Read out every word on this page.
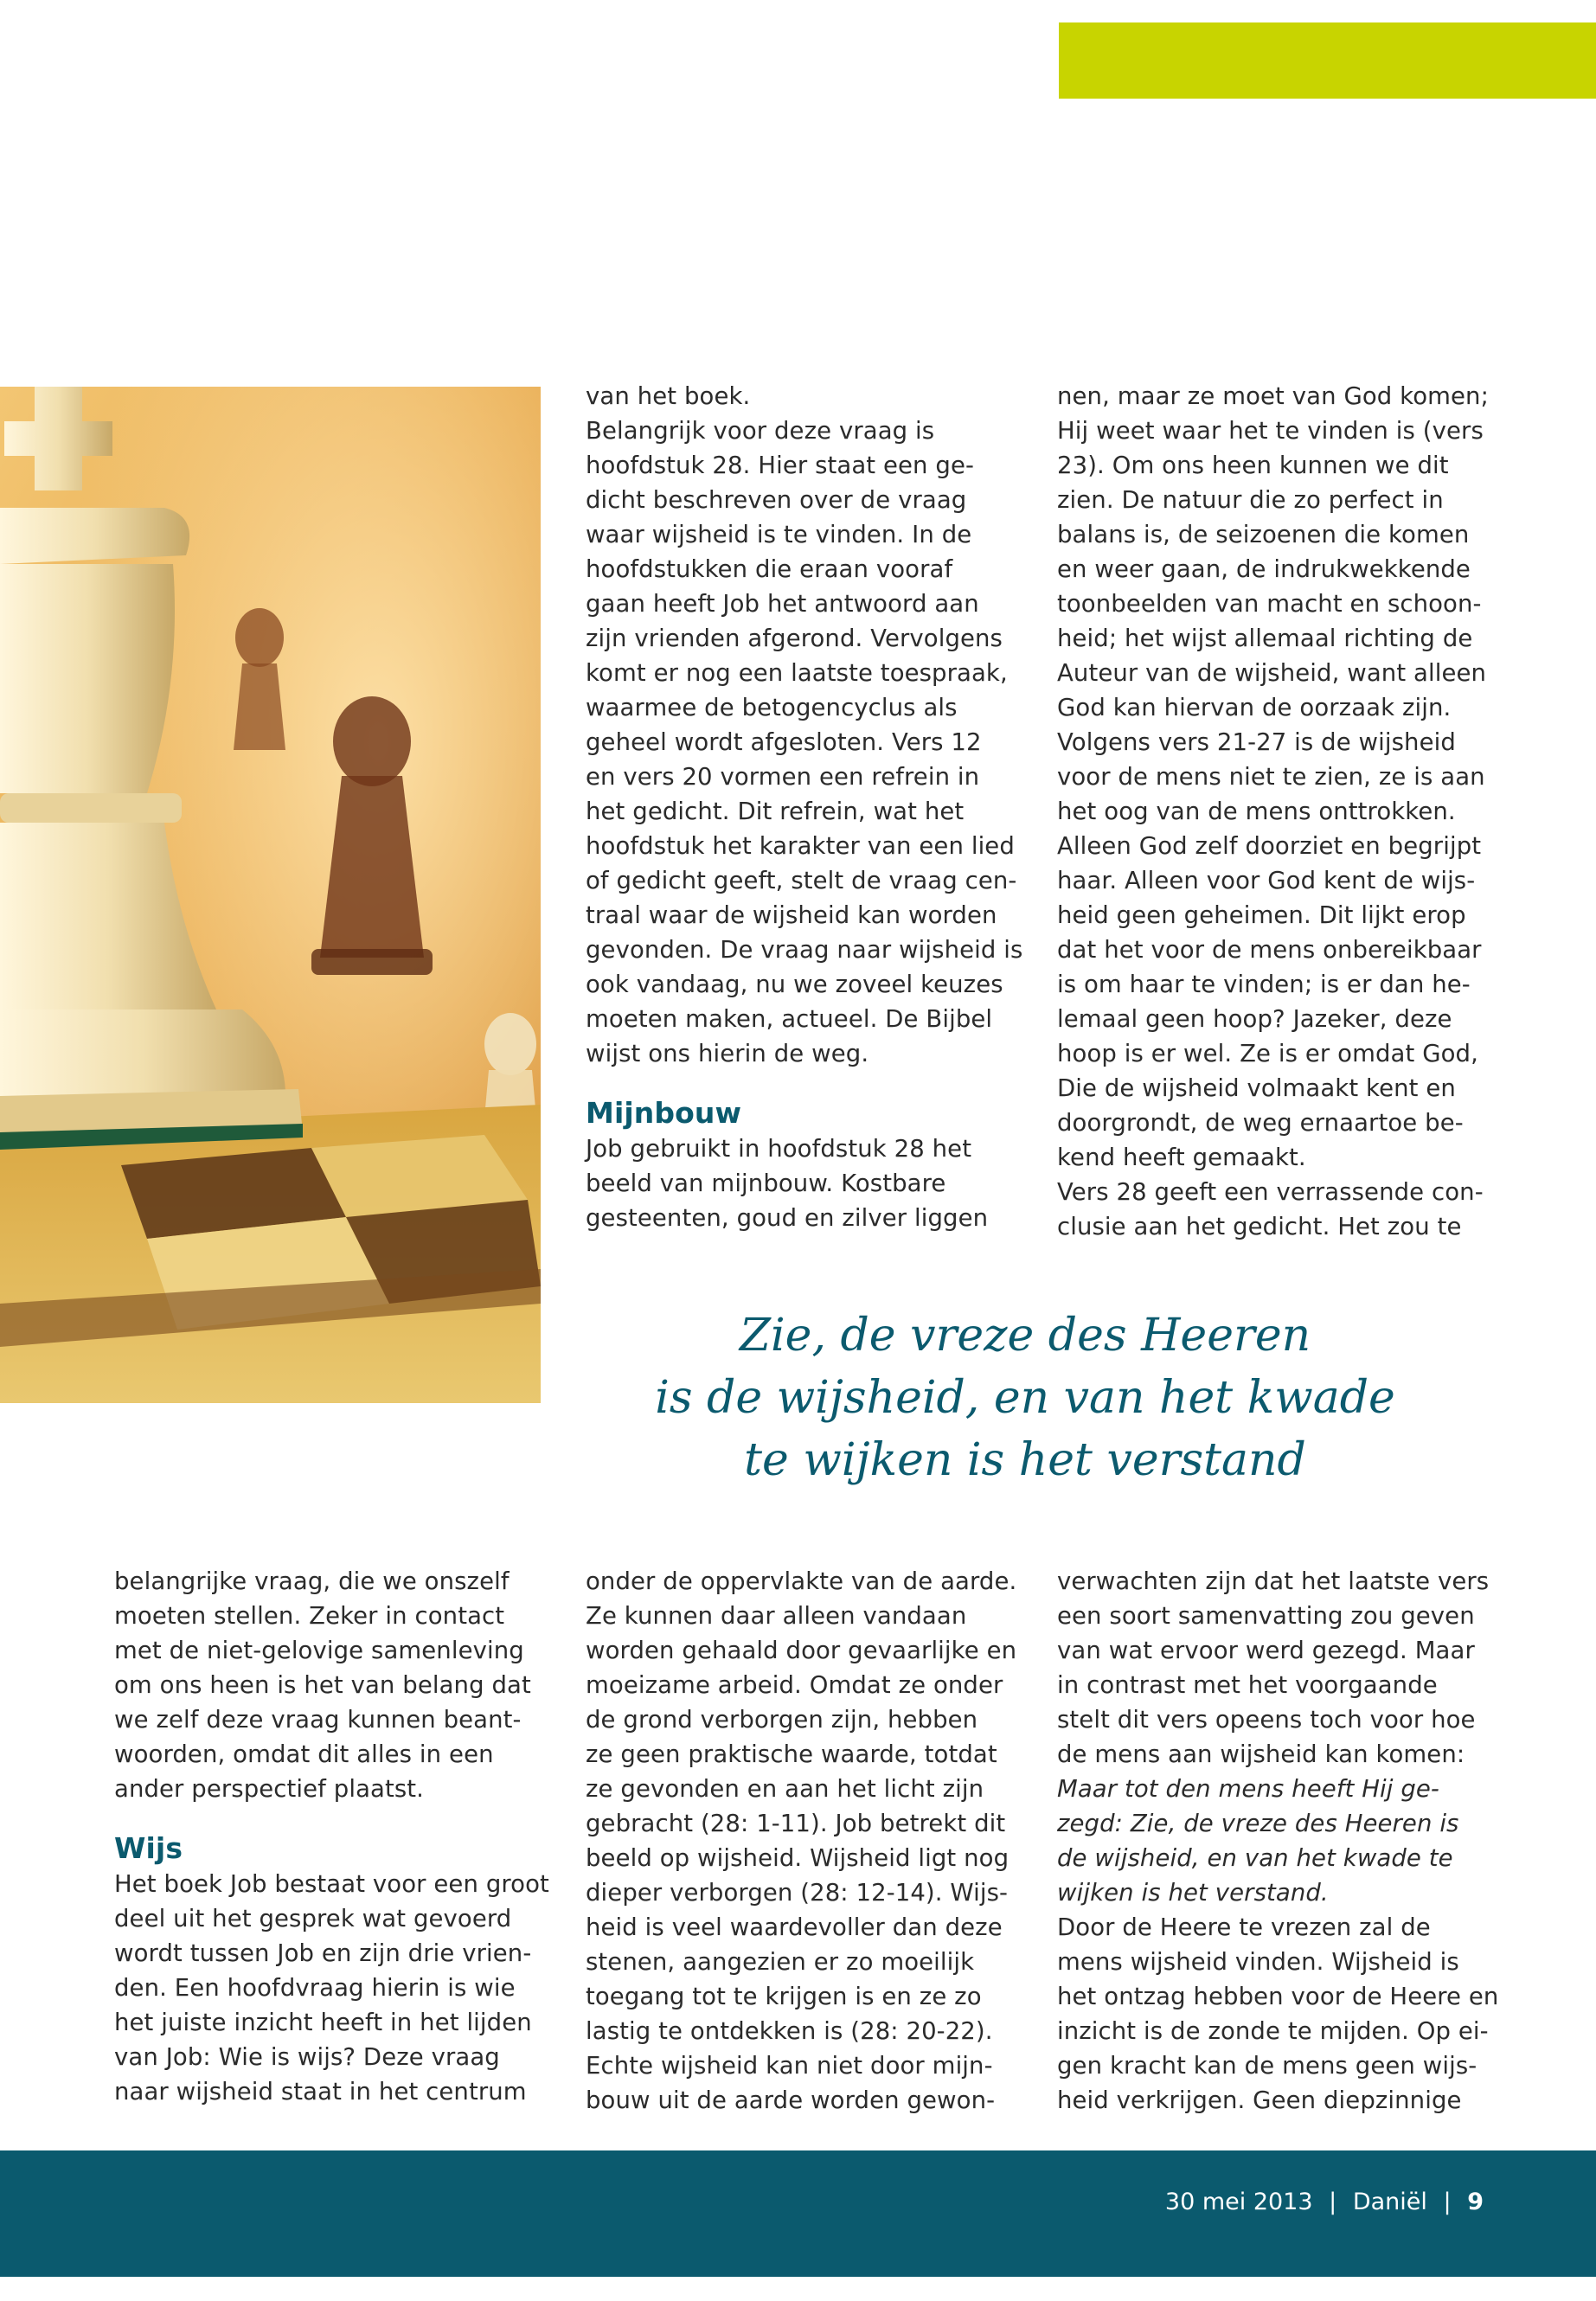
van het boek.
Belangrijk voor deze vraag is
hoofdstuk 28. Hier staat een ge-
dicht beschreven over de vraag
waar wijsheid is te vinden. In de
hoofdstukken die eraan vooraf
gaan heeft Job het antwoord aan
zijn vrienden afgerond. Vervolgens
komt er nog een laatste toespraak,
waarmee de betogencyclus als
geheel wordt afgesloten. Vers 12
en vers 20 vormen een refrein in
het gedicht. Dit refrein, wat het
hoofdstuk het karakter van een lied
of gedicht geeft, stelt de vraag cen-
traal waar de wijsheid kan worden
gevonden. De vraag naar wijsheid is
ook vandaag, nu we zoveel keuzes
moeten maken, actueel. De Bijbel
wijst ons hierin de weg.
Mijnbouw
Job gebruikt in hoofdstuk 28 het
beeld van mijnbouw. Kostbare
gesteenten, goud en zilver liggen
nen, maar ze moet van God komen;
Hij weet waar het te vinden is (vers
23). Om ons heen kunnen we dit
zien. De natuur die zo perfect in
balans is, de seizoenen die komen
en weer gaan, de indrukwekkende
toonbeelden van macht en schoon-
heid; het wijst allemaal richting de
Auteur van de wijsheid, want alleen
God kan hiervan de oorzaak zijn.
Volgens vers 21-27 is de wijsheid
voor de mens niet te zien, ze is aan
het oog van de mens onttrokken.
Alleen God zelf doorziet en begrijpt
haar. Alleen voor God kent de wijs-
heid geen geheimen. Dit lijkt erop
dat het voor de mens onbereikbaar
is om haar te vinden; is er dan he-
lemaal geen hoop? Jazeker, deze
hoop is er wel. Ze is er omdat God,
Die de wijsheid volmaakt kent en
doorgrondt, de weg ernaartoe be-
kend heeft gemaakt.
Vers 28 geeft een verrassende con-
clusie aan het gedicht. Het zou te
Zie, de vreze des Heeren
is de wijsheid, en van het kwade
te wijken is het verstand
belangrijke vraag, die we onszelf
moeten stellen. Zeker in contact
met de niet-gelovige samenleving
om ons heen is het van belang dat
we zelf deze vraag kunnen beant-
woorden, omdat dit alles in een
ander perspectief plaatst.
Wijs
Het boek Job bestaat voor een groot
deel uit het gesprek wat gevoerd
wordt tussen Job en zijn drie vrien-
den. Een hoofdvraag hierin is wie
het juiste inzicht heeft in het lijden
van Job: Wie is wijs? Deze vraag
naar wijsheid staat in het centrum
onder de oppervlakte van de aarde.
Ze kunnen daar alleen vandaan
worden gehaald door gevaarlijke en
moeizame arbeid. Omdat ze onder
de grond verborgen zijn, hebben
ze geen praktische waarde, totdat
ze gevonden en aan het licht zijn
gebracht (28: 1-11). Job betrekt dit
beeld op wijsheid. Wijsheid ligt nog
dieper verborgen (28: 12-14). Wijs-
heid is veel waardevoller dan deze
stenen, aangezien er zo moeilijk
toegang tot te krijgen is en ze zo
lastig te ontdekken is (28: 20-22).
Echte wijsheid kan niet door mijn-
bouw uit de aarde worden gewon-
verwachten zijn dat het laatste vers
een soort samenvatting zou geven
van wat ervoor werd gezegd. Maar
in contrast met het voorgaande
stelt dit vers opeens toch voor hoe
de mens aan wijsheid kan komen:
Maar tot den mens heeft Hij ge-
zegd: Zie, de vreze des Heeren is
de wijsheid, en van het kwade te
wijken is het verstand.
Door de Heere te vrezen zal de
mens wijsheid vinden. Wijsheid is
het ontzag hebben voor de Heere en
inzicht is de zonde te mijden. Op ei-
gen kracht kan de mens geen wijs-
heid verkrijgen. Geen diepzinnige
30 mei 2013 | Daniël | 9
